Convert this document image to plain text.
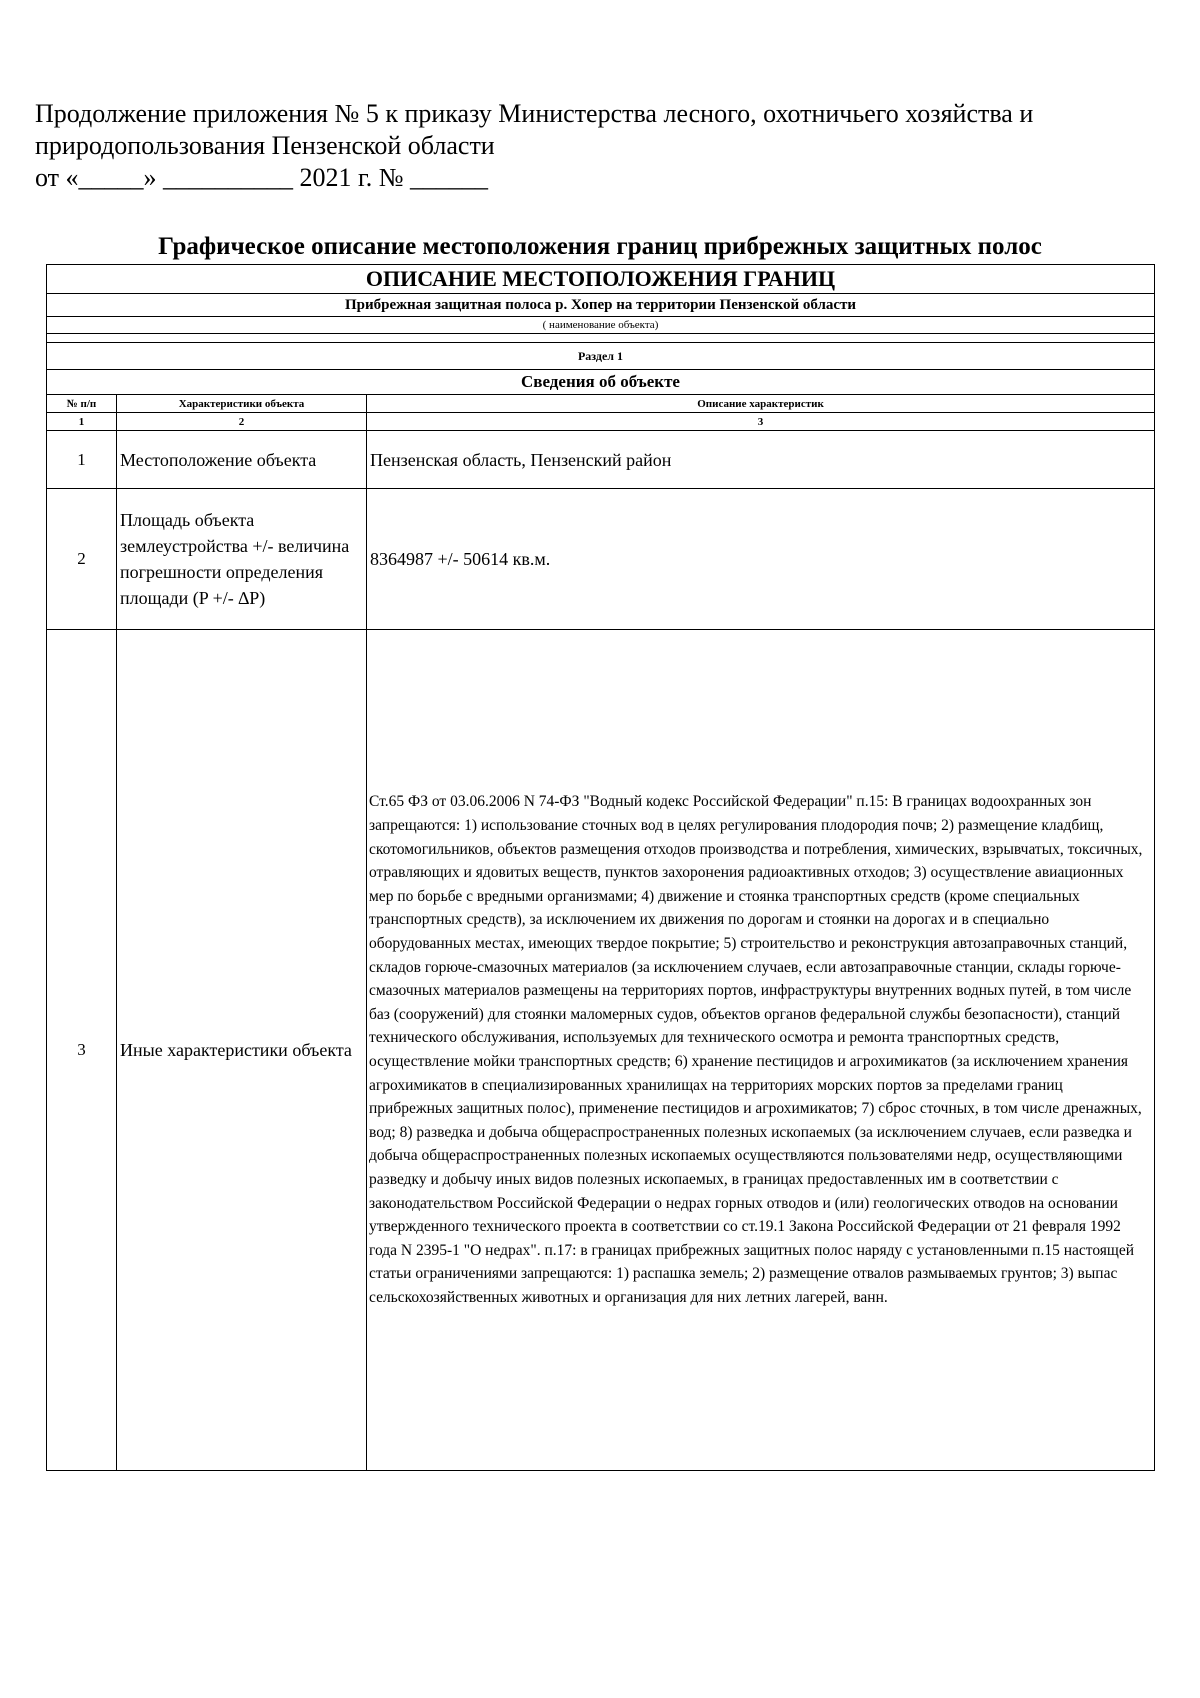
Продолжение приложения № 5 к приказу Министерства лесного, охотничьего хозяйства и
природопользования Пензенской области
от «_____» __________ 2021 г. № ______
Графическое описание местоположения границ прибрежных защитных полос
ОПИСАНИЕ МЕСТОПОЛОЖЕНИЯ ГРАНИЦ		
Прибрежная защитная полоса р. Хопер на территории Пензенской области		
( наименование объекта)		

Раздел 1		
Сведения об объекте		
№ п/п	Характеристики объекта	Описание характеристик
1	2	3
1	Местоположение объекта	Пензенская область, Пензенский район
2	Площадь объекта землеустройства +/- величина погрешности определения площади (P +/- ∆P)	8364987 +/- 50614 кв.м.
3	Иные характеристики объекта	Ст.65 ФЗ от 03.06.2006 N 74-ФЗ "Водный кодекс Российской Федерации" п.15: В границах водоохранных зон запрещаются: 1) использование сточных вод в целях регулирования плодородия почв; 2) размещение кладбищ, скотомогильников, объектов размещения отходов производства и потребления, химических, взрывчатых, токсичных, отравляющих и ядовитых веществ, пунктов захоронения радиоактивных отходов; 3) осуществление авиационных мер по борьбе с вредными организмами; 4) движение и стоянка транспортных средств (кроме специальных транспортных средств), за исключением их движения по дорогам и стоянки на дорогах и в специально оборудованных местах, имеющих твердое покрытие; 5) строительство и реконструкция автозаправочных станций, складов горюче-смазочных материалов (за исключением случаев, если автозаправочные станции, склады горюче-смазочных материалов размещены на территориях портов, инфраструктуры внутренних водных путей, в том числе баз (сооружений) для стоянки маломерных судов, объектов органов федеральной службы безопасности), станций технического обслуживания, используемых для технического осмотра и ремонта транспортных средств, осуществление мойки транспортных средств; 6) хранение пестицидов и агрохимикатов (за исключением хранения агрохимикатов в специализированных хранилищах на территориях морских портов за пределами границ прибрежных защитных полос), применение пестицидов и агрохимикатов; 7) сброс сточных, в том числе дренажных, вод; 8) разведка и добыча общераспространенных полезных ископаемых (за исключением случаев, если разведка и добыча общераспространенных полезных ископаемых осуществляются пользователями недр, осуществляющими разведку и добычу иных видов полезных ископаемых, в границах предоставленных им в соответствии с законодательством Российской Федерации о недрах горных отводов и (или) геологических отводов на основании утвержденного технического проекта в соответствии со ст.19.1 Закона Российской Федерации от 21 февраля 1992 года N 2395-1 "О недрах". п.17: в границах прибрежных защитных полос наряду с установленными п.15 настоящей статьи ограничениями запрещаются: 1) распашка земель; 2) размещение отвалов размываемых грунтов; 3) выпас сельскохозяйственных животных и организация для них летних лагерей, ванн.
